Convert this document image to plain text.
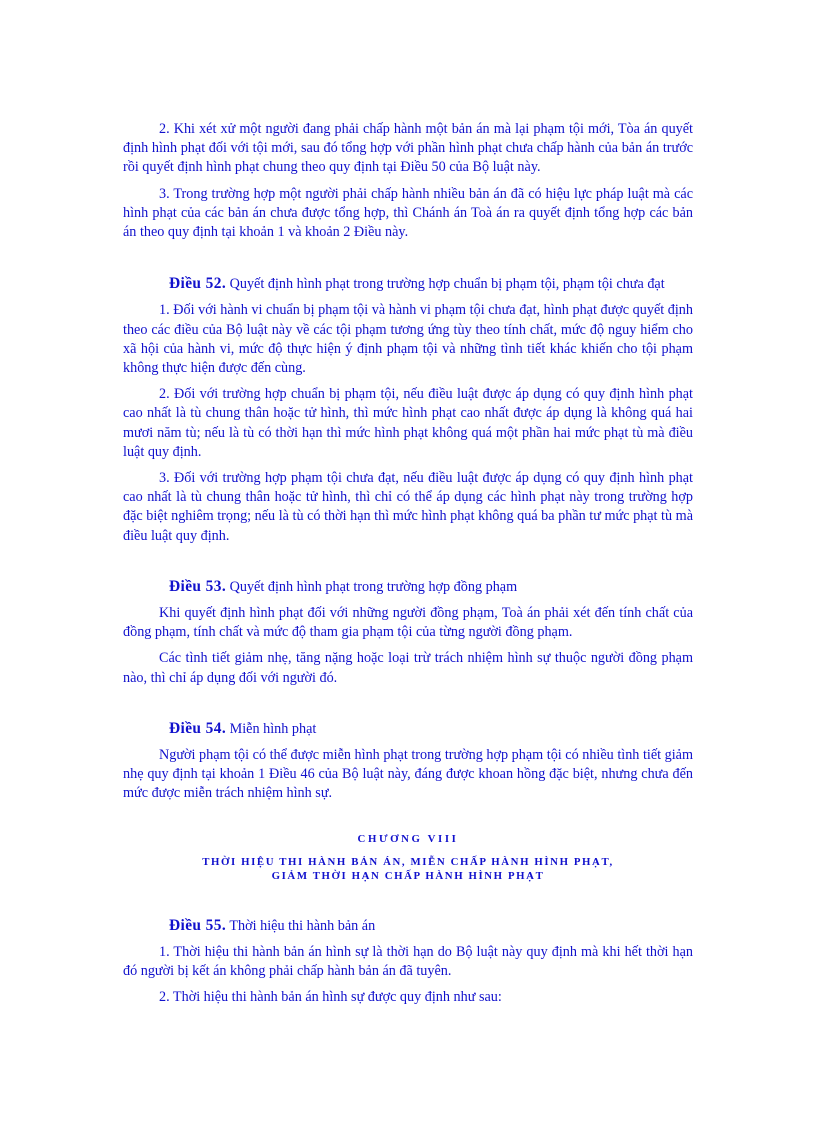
2. Khi xét xử một người đang phải chấp hành một bản án mà lại phạm tội mới, Tòa án quyết định hình phạt đối với tội mới, sau đó tổng hợp với phần hình phạt chưa chấp hành của bản án trước rồi quyết định hình phạt chung theo quy định tại Điều 50 của Bộ luật này.

3. Trong trường hợp một người phải chấp hành nhiều bản án đã có hiệu lực pháp luật mà các hình phạt của các bản án chưa được tổng hợp, thì Chánh án Toà án ra quyết định tổng hợp các bản án theo quy định tại khoản 1 và khoản 2 Điều này.

Điều 52. Quyết định hình phạt trong trường hợp chuẩn bị phạm tội, phạm tội chưa đạt

1. Đối với hành vi chuẩn bị phạm tội và hành vi phạm tội chưa đạt, hình phạt được quyết định theo các điều của Bộ luật này về các tội phạm tương ứng tùy theo tính chất, mức độ nguy hiểm cho xã hội của hành vi, mức độ thực hiện ý định phạm tội và những tình tiết khác khiến cho tội phạm không thực hiện được đến cùng.

2. Đối với trường hợp chuẩn bị phạm tội, nếu điều luật được áp dụng có quy định hình phạt cao nhất là tù chung thân hoặc tử hình, thì mức hình phạt cao nhất được áp dụng là không quá hai mươi năm tù; nếu là tù có thời hạn thì mức hình phạt không quá một phần hai mức phạt tù mà điều luật quy định.

3. Đối với trường hợp phạm tội chưa đạt, nếu điều luật được áp dụng có quy định hình phạt cao nhất là tù chung thân hoặc tử hình, thì chỉ có thể áp dụng các hình phạt này trong trường hợp đặc biệt nghiêm trọng; nếu là tù có thời hạn thì mức hình phạt không quá ba phần tư mức phạt tù mà điều luật quy định.

Điều 53. Quyết định hình phạt trong trường hợp đồng phạm

Khi quyết định hình phạt đối với những người đồng phạm, Toà án phải xét đến tính chất của đồng phạm, tính chất và mức độ tham gia phạm tội của từng người đồng phạm.

Các tình tiết giảm nhẹ, tăng nặng hoặc loại trừ trách nhiệm hình sự thuộc người đồng phạm nào, thì chỉ áp dụng đối với người đó.

Điều 54. Miễn hình phạt

Người phạm tội có thể được miễn hình phạt trong trường hợp phạm tội có nhiều tình tiết giảm nhẹ quy định tại khoản 1 Điều 46 của Bộ luật này, đáng được khoan hồng đặc biệt, nhưng chưa đến mức được miễn trách nhiệm hình sự.

CHƯƠNG VIII
THỜI HIỆU THI HÀNH BẢN ÁN, MIỄN CHẤP HÀNH HÌNH PHẠT,
GIẢM THỜI HẠN CHẤP HÀNH HÌNH PHẠT

Điều 55. Thời hiệu thi hành bản án

1. Thời hiệu thi hành bản án hình sự là thời hạn do Bộ luật này quy định mà khi hết thời hạn đó người bị kết án không phải chấp hành bản án đã tuyên.

2. Thời hiệu thi hành bản án hình sự được quy định như sau:
